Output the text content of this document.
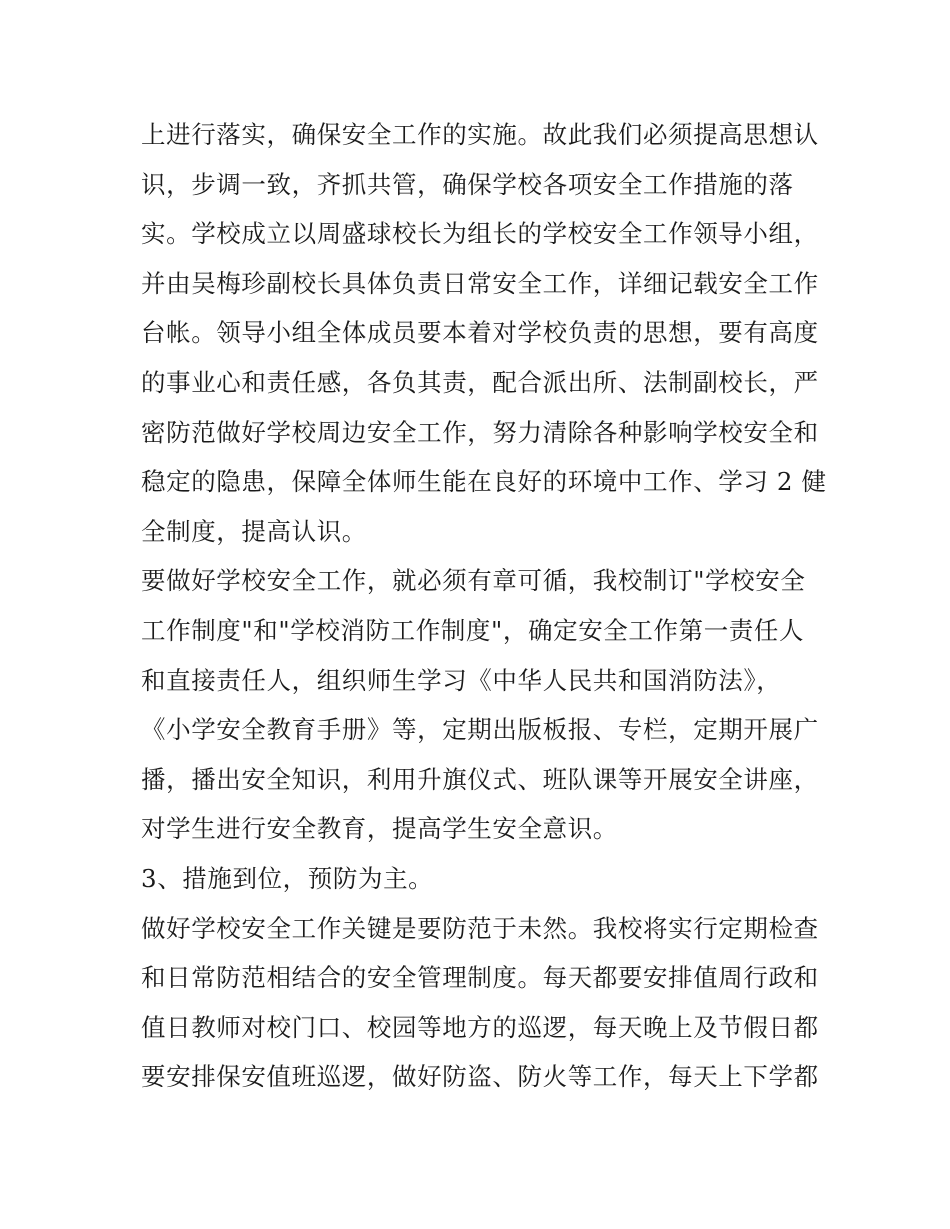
上进行落实，确保安全工作的实施。故此我们必须提高思想认
识，步调一致，齐抓共管，确保学校各项安全工作措施的落
实。学校成立以周盛球校长为组长的学校安全工作领导小组，
并由吴梅珍副校长具体负责日常安全工作，详细记载安全工作
台帐。领导小组全体成员要本着对学校负责的思想，要有高度
的事业心和责任感，各负其责，配合派出所、法制副校长，严
密防范做好学校周边安全工作，努力清除各种影响学校安全和
稳定的隐患，保障全体师生能在良好的环境中工作、学习 2 健
全制度，提高认识。
要做好学校安全工作，就必须有章可循，我校制订"学校安全
工作制度"和"学校消防工作制度"，确定安全工作第一责任人
和直接责任人，组织师生学习《中华人民共和国消防法》，
《小学安全教育手册》等，定期出版板报、专栏，定期开展广
播，播出安全知识，利用升旗仪式、班队课等开展安全讲座，
对学生进行安全教育，提高学生安全意识。
3、措施到位，预防为主。
做好学校安全工作关键是要防范于未然。我校将实行定期检查
和日常防范相结合的安全管理制度。每天都要安排值周行政和
值日教师对校门口、校园等地方的巡逻，每天晚上及节假日都
要安排保安值班巡逻，做好防盗、防火等工作，每天上下学都
